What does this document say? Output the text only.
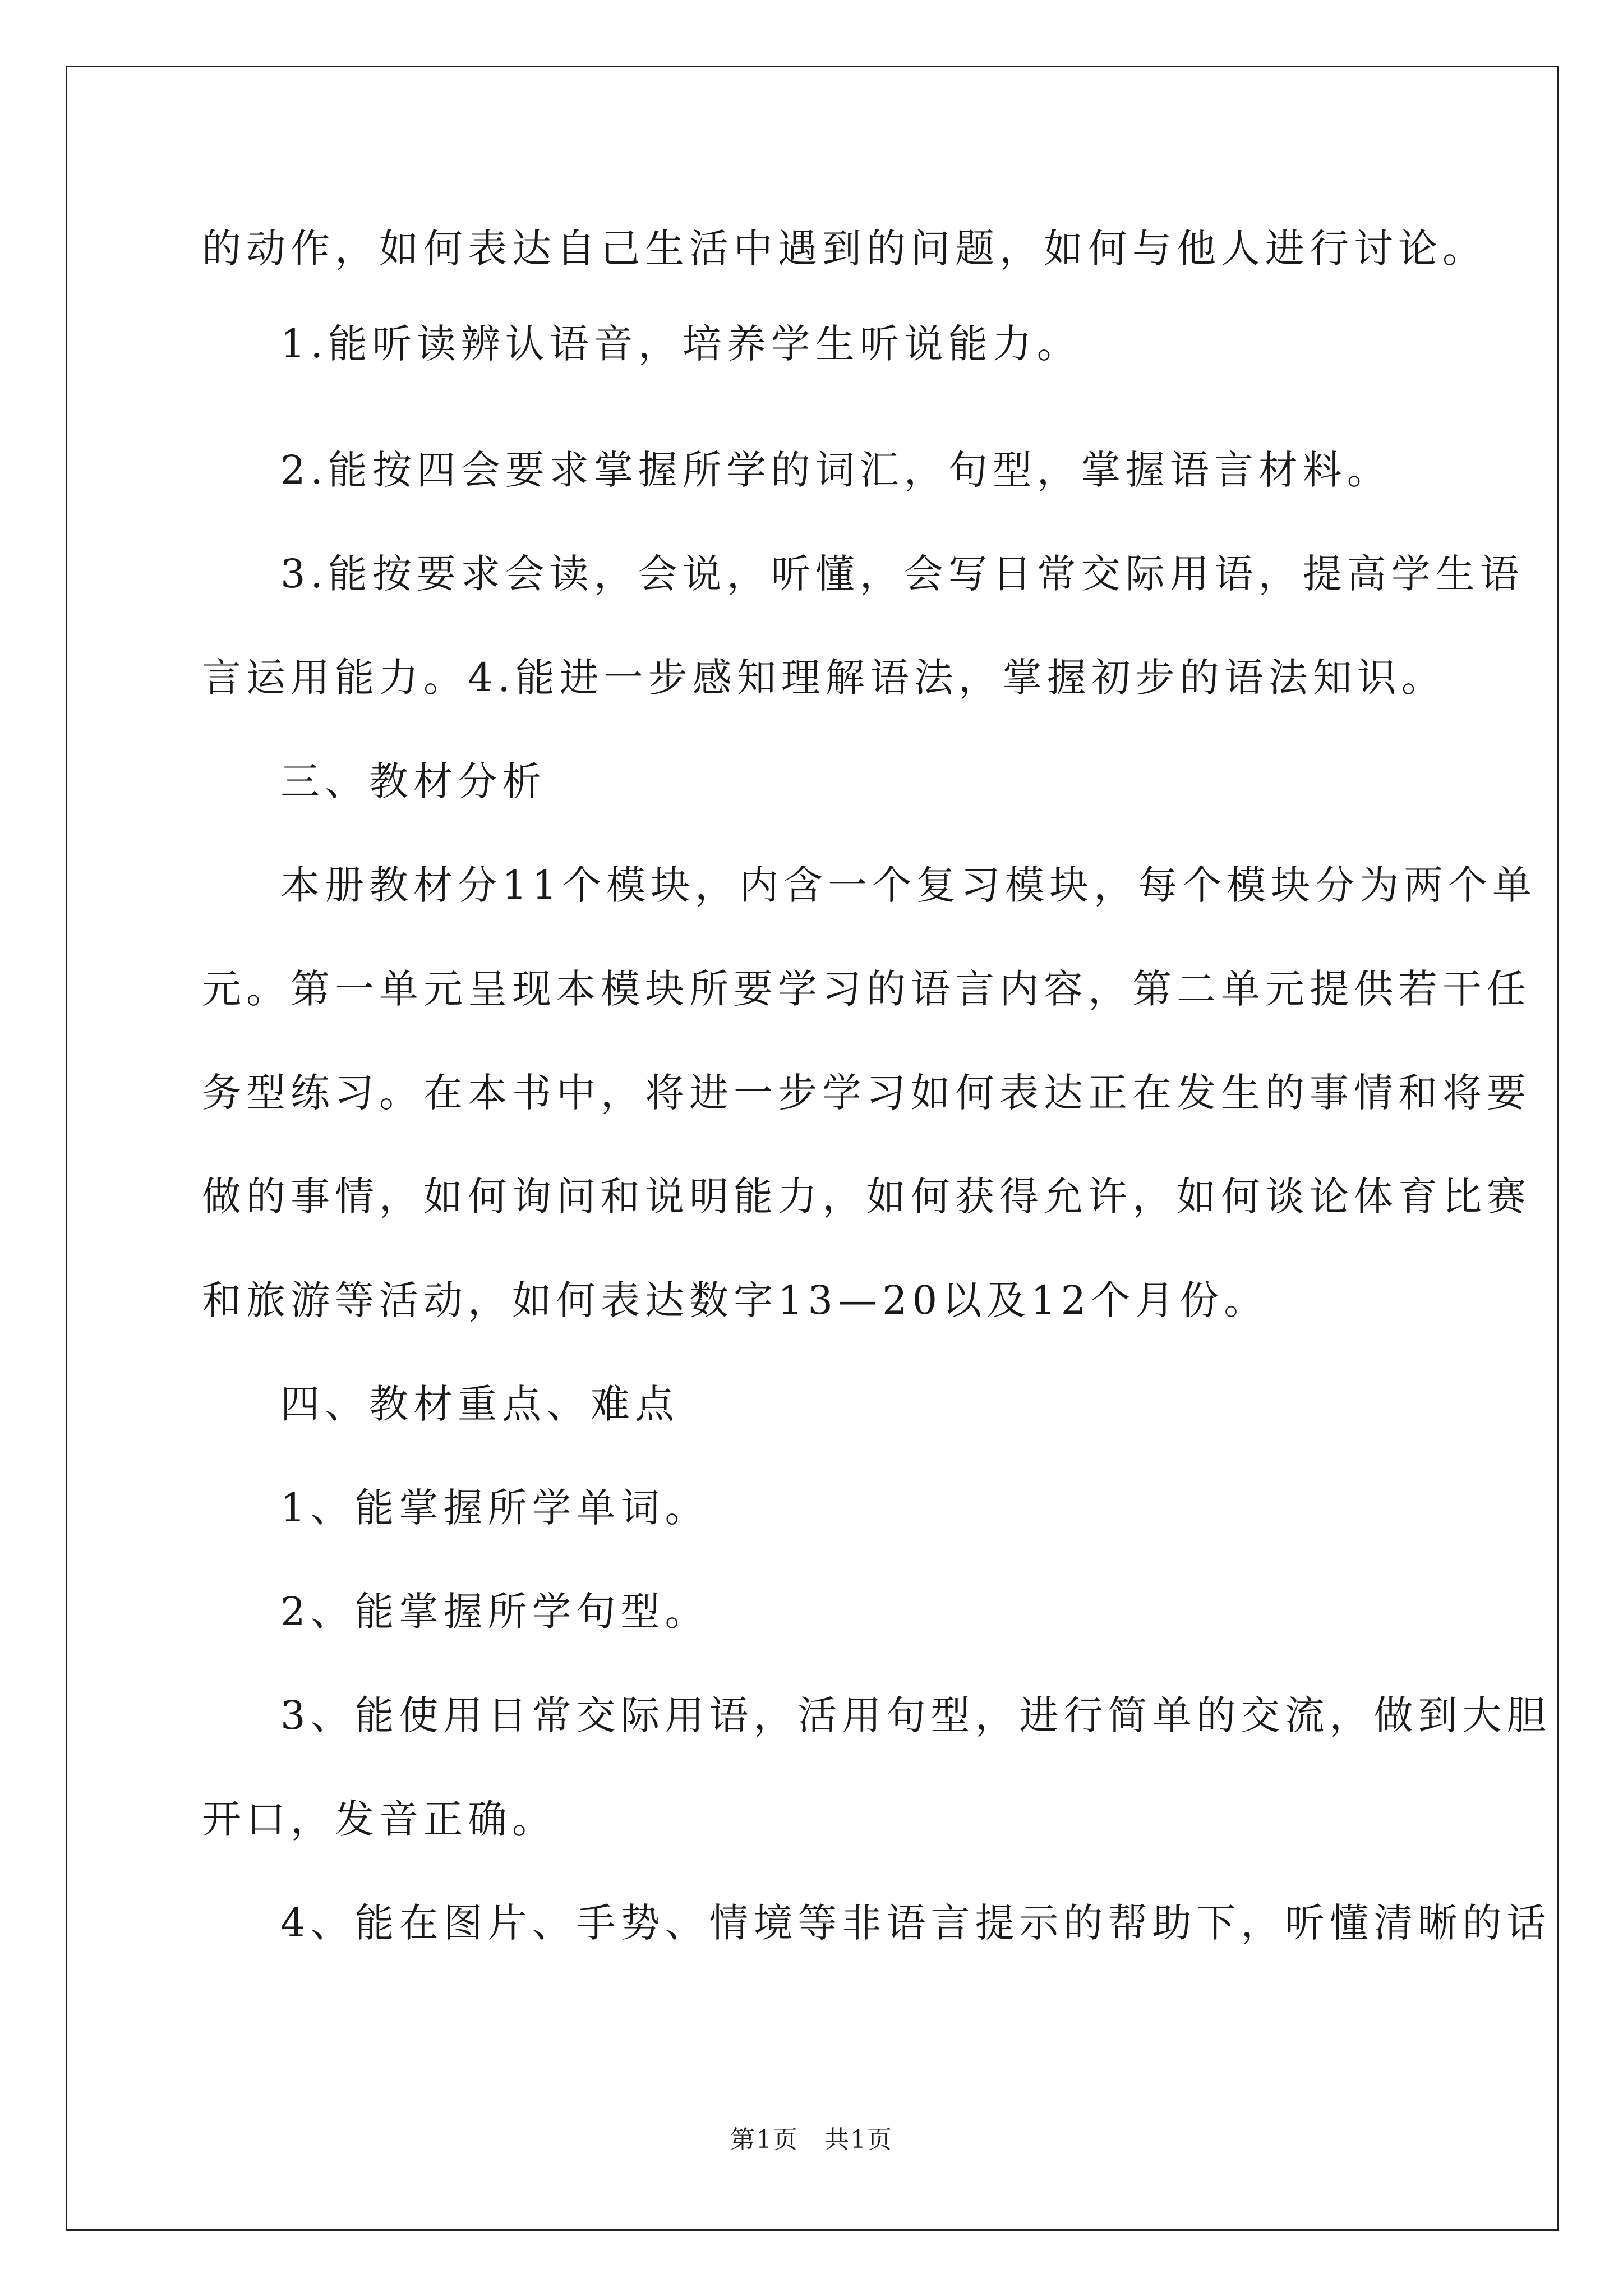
的动作，如何表达自己生活中遇到的问题，如何与他人进行讨论。
1.能听读辨认语音，培养学生听说能力。
2.能按四会要求掌握所学的词汇，句型，掌握语言材料。
3.能按要求会读，会说，听懂，会写日常交际用语，提高学生语
言运用能力。4.能进一步感知理解语法，掌握初步的语法知识。
三、教材分析
本册教材分11个模块，内含一个复习模块，每个模块分为两个单
元。第一单元呈现本模块所要学习的语言内容，第二单元提供若干任
务型练习。在本书中，将进一步学习如何表达正在发生的事情和将要
做的事情，如何询问和说明能力，如何获得允许，如何谈论体育比赛
和旅游等活动，如何表达数字13—20以及12个月份。
四、教材重点、难点
1、能掌握所学单词。
2、能掌握所学句型。
3、能使用日常交际用语，活用句型，进行简单的交流，做到大胆
开口，发音正确。
4、能在图片、手势、情境等非语言提示的帮助下，听懂清晰的话
第1页　共1页
